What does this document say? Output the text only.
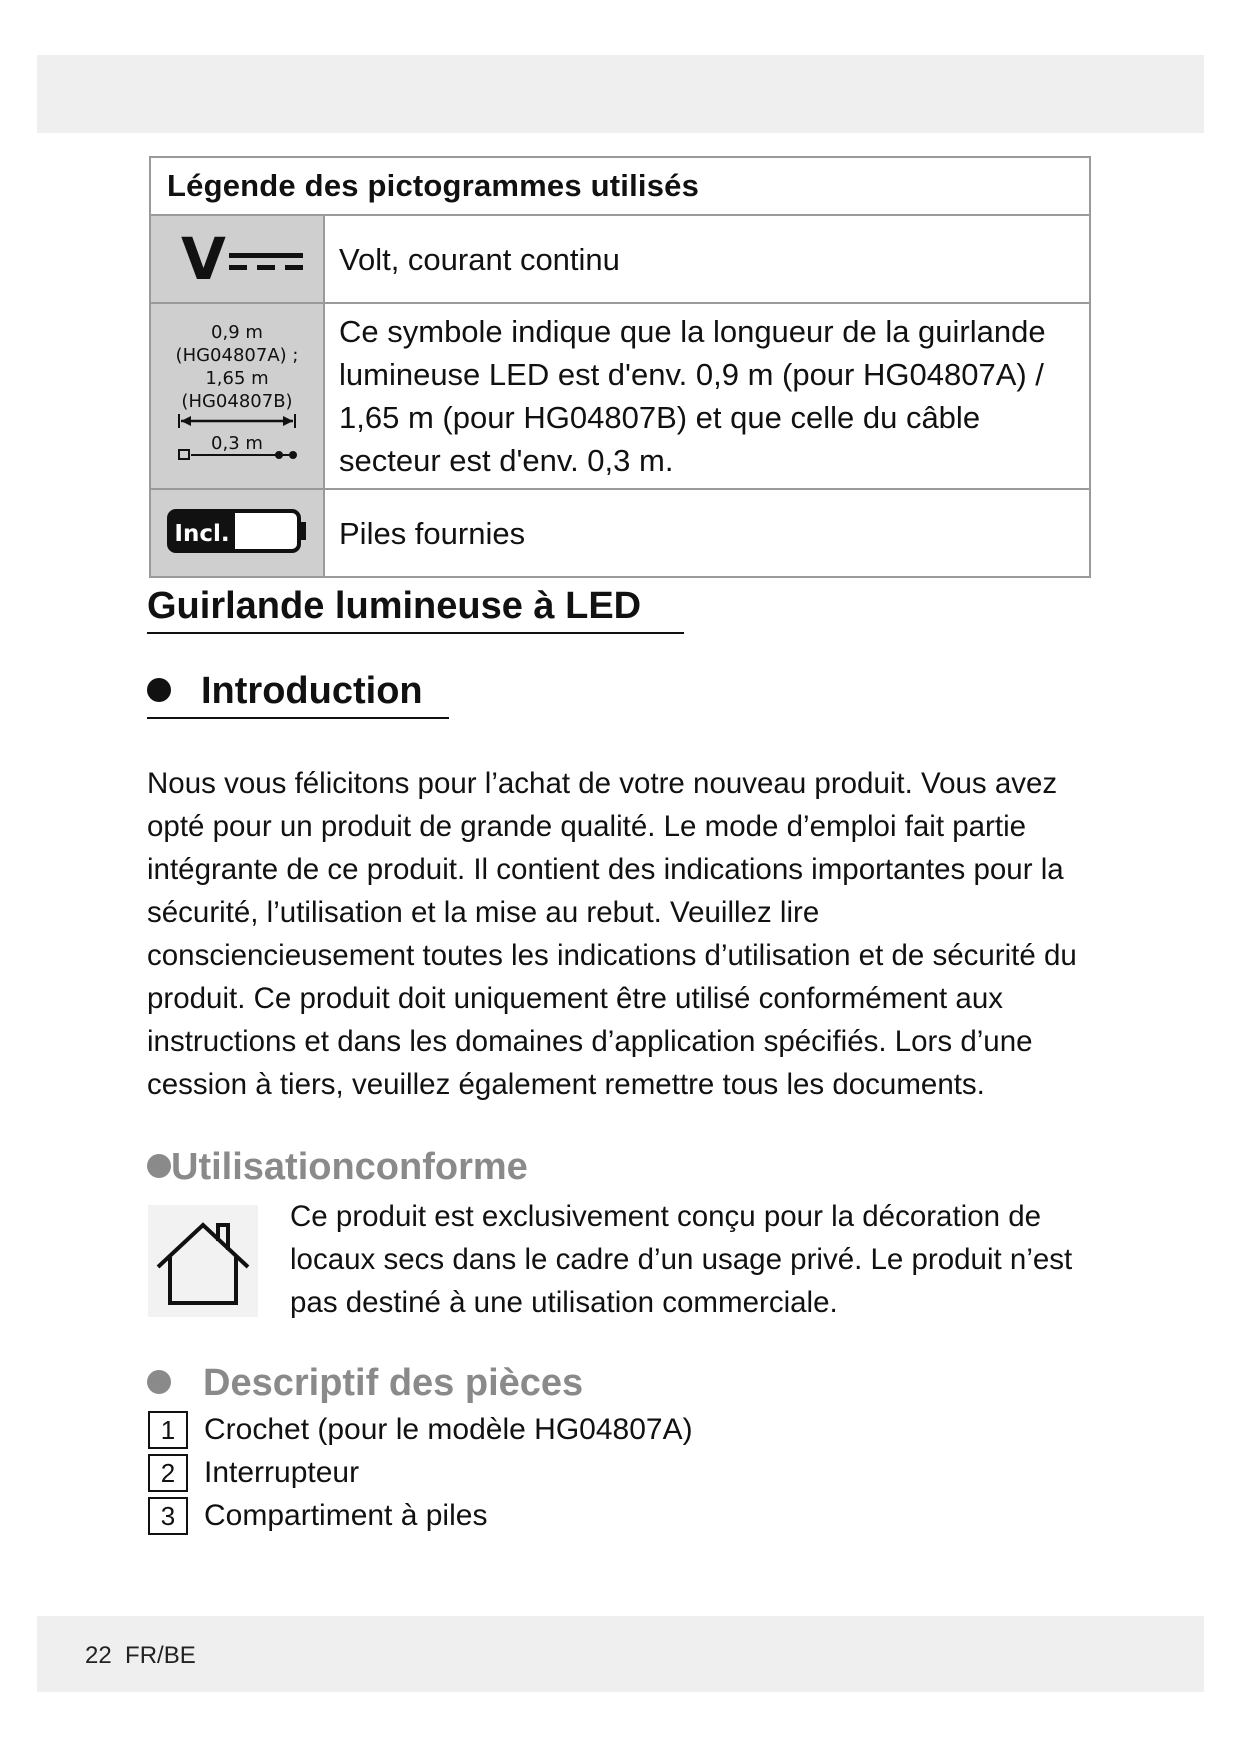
Légende des pictogrammes utilisés	

V	Volt, courant continu

0,9 m
(HG04807A) ;
1,65 m
(HG04807B)
0,3 m	Ce symbole indique que la longueur de la guirlande lumineuse LED est d'env. 0,9 m (pour HG04807A) / 1,65 m (pour HG04807B) et que celle du câble secteur est d'env. 0,3 m.

Incl.	Piles fournies
Guirlande lumineuse à LED
Introduction

Nous vous félicitons pour l’achat de votre nouveau produit. Vous avez opté pour un produit de grande qualité. Le mode d’emploi fait partie intégrante de ce produit. Il contient des indications importantes pour la sécurité, l’utilisation et la mise au rebut. Veuillez lire consciencieusement toutes les indications d’utilisation et de sécurité du produit. Ce produit doit uniquement être utilisé conformément aux instructions et dans les domaines d’application spécifiés. Lors d’une cession à tiers, veuillez également remettre tous les documents.

Utilisationconforme

Ce produit est exclusivement conçu pour la décoration de locaux secs dans le cadre d’un usage privé. Le produit n’est pas destiné à une utilisation commerciale.

Descriptif des pièces
1 Crochet (pour le modèle HG04807A)
2 Interrupteur
3 Compartiment à piles
22 FR/BE
